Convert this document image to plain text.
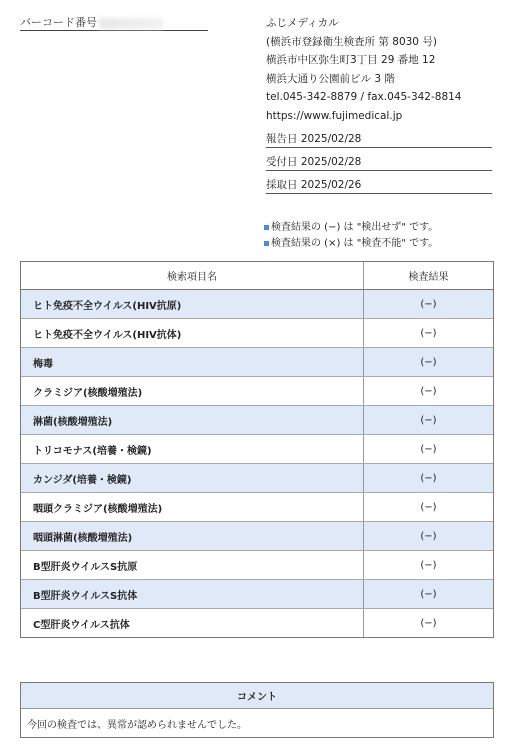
バーコード番号	ふじメディカル
(横浜市登録衛生検査所 第 8030 号)
横浜市中区弥生町3丁目 29 番地 12
横浜大通り公園前ビル 3 階
tel.045-342-8879 / fax.045-342-8814
https://www.fujimedical.jp
報告日 2025/02/28
受付日 2025/02/28
採取日 2025/02/26
検査結果の (−) は "検出せず" です。
検査結果の (×) は "検査不能" です。
検索項目名	検査結果
ヒト免疫不全ウイルス(HIV抗原)	(−)
ヒト免疫不全ウイルス(HIV抗体)	(−)
梅毒	(−)
クラミジア(核酸増殖法)	(−)
淋菌(核酸増殖法)	(−)
トリコモナス(培養・検鏡)	(−)
カンジダ(培養・検鏡)	(−)
咽頭クラミジア(核酸増殖法)	(−)
咽頭淋菌(核酸増殖法)	(−)
B型肝炎ウイルスS抗原	(−)
B型肝炎ウイルスS抗体	(−)
C型肝炎ウイルス抗体	(−)
コメント
今回の検査では、異常が認められませんでした。
